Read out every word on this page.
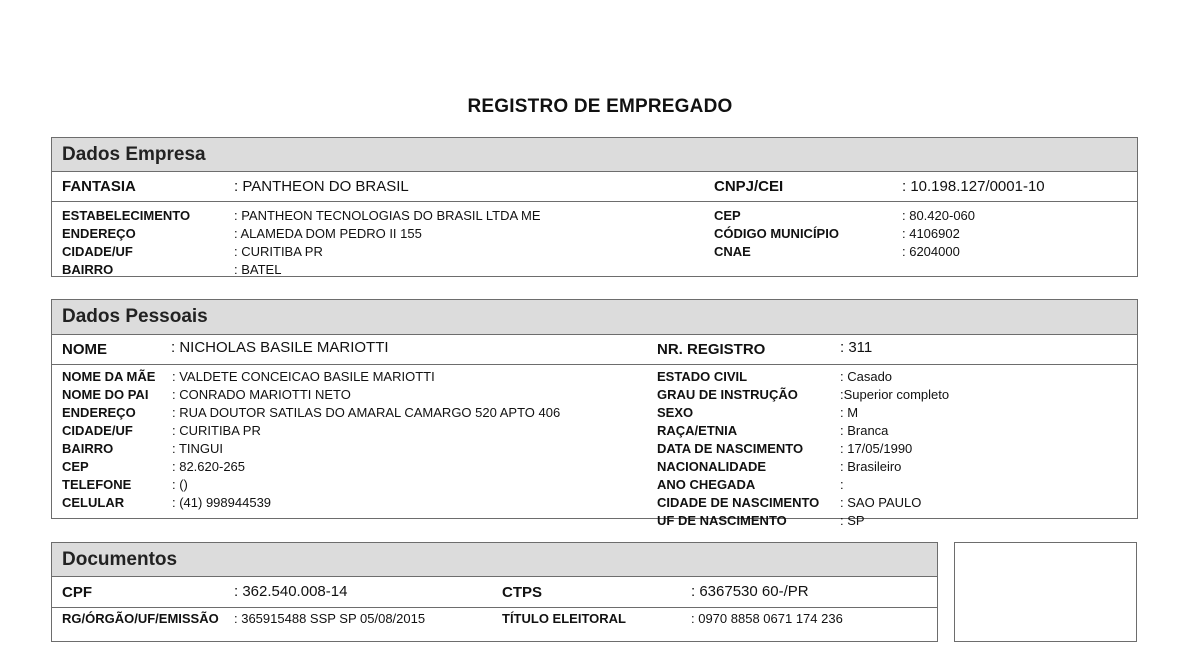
REGISTRO DE EMPREGADO
Dados Empresa
FANTASIA	: PANTHEON DO BRASIL	CNPJ/CEI	: 10.198.127/0001-10
ESTABELECIMENTO	: PANTHEON TECNOLOGIAS DO BRASIL LTDA ME
ENDEREÇO	: ALAMEDA DOM PEDRO II 155
CIDADE/UF	: CURITIBA PR
BAIRRO	: BATEL
CEP	: 80.420-060
CÓDIGO MUNICÍPIO	: 4106902
CNAE	: 6204000
Dados Pessoais
NOME	: NICHOLAS BASILE MARIOTTI	NR. REGISTRO	: 311
NOME DA MÃE : VALDETE CONCEICAO BASILE MARIOTTI
NOME DO PAI : CONRADO MARIOTTI NETO
ENDEREÇO	: RUA DOUTOR SATILAS DO AMARAL CAMARGO 520 APTO 406
CIDADE/UF	: CURITIBA PR
BAIRRO	: TINGUI
CEP	: 82.620-265
TELEFONE	: ()
CELULAR	: (41) 998944539
ESTADO CIVIL	: Casado
GRAU DE INSTRUÇÃO	:Superior completo
SEXO	: M
RAÇA/ETNIA	: Branca
DATA DE NASCIMENTO	: 17/05/1990
NACIONALIDADE	: Brasileiro
ANO CHEGADA	:
CIDADE DE NASCIMENTO : SAO PAULO
UF DE NASCIMENTO	: SP
Documentos
CPF	: 362.540.008-14	CTPS	: 6367530 60-/PR
RG/ÓRGÃO/UF/EMISSÃO : 365915488 SSP SP 05/08/2015	TÍTULO ELEITORAL	: 0970 8858 0671 174 236
